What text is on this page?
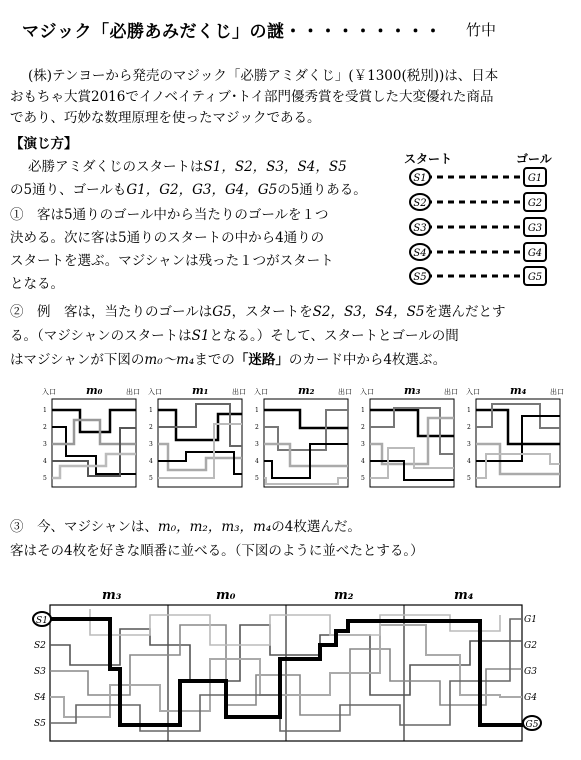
マジック「必勝あみだくじ」の謎・・・・・・・・・ 竹中
(株)テンヨーから発売のマジック「必勝アミダくじ」(￥1300(税別))は、日本
おもちゃ大賞2016でイノベイティブ･トイ部門優秀賞を受賞した大変優れた商品
であり、巧妙な数理原理を使ったマジックである。
【演じ方】
必勝アミダくじのスタートはS1，S2，S3，S4，S5
の5通り、ゴールもG1，G2，G3，G4，G5の5通りある。
①　客は5通りのゴール中から当たりのゴールを１つ
決める。次に客は5通りのスタートの中から4通りの
スタートを選ぶ。マジシャンは残った１つがスタート
となる。
スタート	ゴール
S1	G1
S2	G2
S3	G3
S4	G4
S5	G5
②　例　客は，当たりのゴールはG5，スタートをS2，S3，S4，S5を選んだとす
る。（マジシャンのスタートはS1となる。）そして、スタートとゴールの間
はマジシャンが下図のm₀〜m₄までの「迷路」のカード中から4枚選ぶ。
入口	m₀	出口
1
2
3
4
5
入口	m₁	出口
1
2
3
4
5
入口	m₂	出口
1
2
3
4
5
入口	m₃	出口
1
2
3
4
5
入口	m₄	出口
1
2
3
4
5
③　今、マジシャンは、m₀，m₂，m₃，m₄の4枚選んだ。
客はその4枚を好きな順番に並べる。（下図のように並べたとする。）
m₃	m₀	m₂	m₄
S1
S2
S3
S4
S5
G1
G2
G3
G4
G5
